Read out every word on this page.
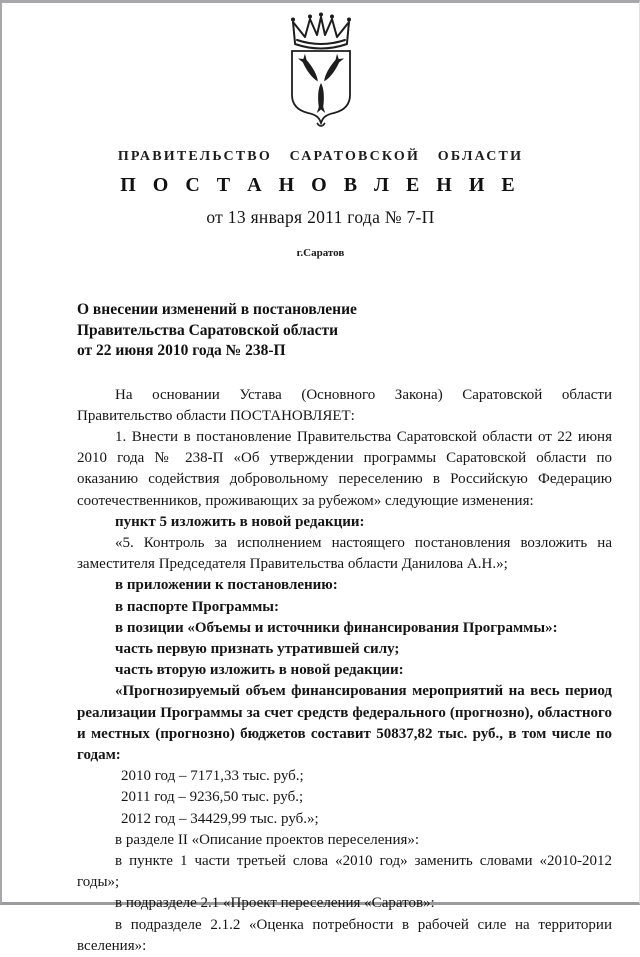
ПРАВИТЕЛЬСТВО САРАТОВСКОЙ ОБЛАСТИ
П О С Т А Н О В Л Е Н И Е
от 13 января 2011 года № 7-П
г.Саратов
О внесении изменений в постановление
Правительства Саратовской области
от 22 июня 2010 года № 238-П

На основании Устава (Основного Закона) Саратовской области Правительство области ПОСТАНОВЛЯЕТ:

1. Внести в постановление Правительства Саратовской области от 22 июня 2010 года № 238-П «Об утверждении программы Саратовской области по оказанию содействия добровольному переселению в Российскую Федерацию соотечественников, проживающих за рубежом» следующие изменения:

пункт 5 изложить в новой редакции:

«5. Контроль за исполнением настоящего постановления возложить на заместителя Председателя Правительства области Данилова А.Н.»;

в приложении к постановлению:

в паспорте Программы:

в позиции «Объемы и источники финансирования Программы»:

часть первую признать утратившей силу;

часть вторую изложить в новой редакции:

«Прогнозируемый объем финансирования мероприятий на весь период реализации Программы за счет средств федерального (прогнозно), областного и местных (прогнозно) бюджетов составит 50837,82 тыс. руб., в том числе по годам:

2010 год – 7171,33 тыс. руб.;

2011 год – 9236,50 тыс. руб.;

2012 год – 34429,99 тыс. руб.»;

в разделе II «Описание проектов переселения»:

в пункте 1 части третьей слова «2010 год» заменить словами «2010-2012 годы»;

в подразделе 2.1 «Проект переселения «Саратов»:

в подразделе 2.1.2 «Оценка потребности в рабочей силе на территории вселения»:
